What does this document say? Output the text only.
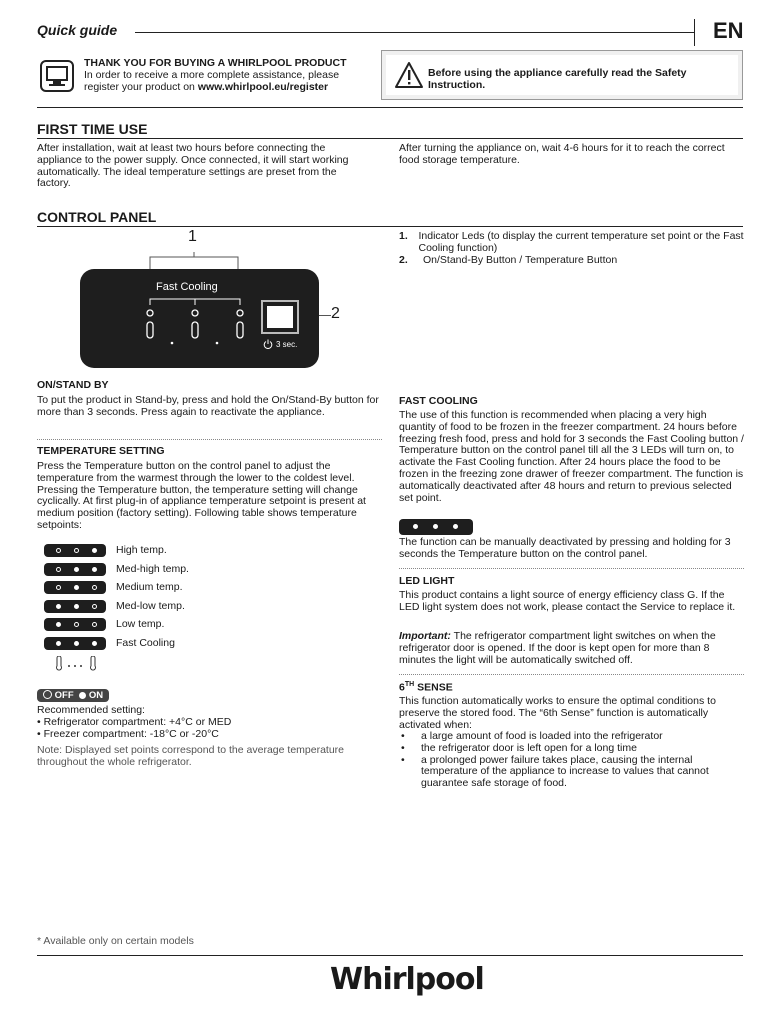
Quick guide	EN
THANK YOU FOR BUYING A WHIRLPOOL PRODUCT
In order to receive a more complete assistance, please
register your product on www.whirlpool.eu/register
Before using the appliance carefully read the Safety Instruction.
FIRST TIME USE
After installation, wait at least two hours before connecting the appliance to the power supply. Once connected, it will start working automatically. The ideal temperature settings are preset from the factory.
After turning the appliance on, wait 4-6 hours for it to reach the correct food storage temperature.
CONTROL PANEL
1
Fast Cooling
3 sec.
2
1.	Indicator Leds (to display the current temperature set point or the Fast Cooling function)
2.	On/Stand-By Button / Temperature Button
ON/STAND BY
To put the product in Stand-by, press and hold the On/Stand-By button for more than 3 seconds. Press again to reactivate the appliance.
TEMPERATURE SETTING
Press the Temperature button on the control panel to adjust the temperature from the warmest through the lower to the coldest level. Pressing the Temperature button, the temperature setting will change cyclically. At first plug-in of appliance temperature setpoint is present at medium position (factory setting). Following table shows temperature setpoints:
High temp.
Med-high temp.
Medium temp.
Med-low temp.
Low temp.
Fast Cooling
OFF ON
Recommended setting:
• Refrigerator compartment: +4°C or MED
• Freezer compartment: -18°C or -20°C
Note: Displayed set points correspond to the average temperature throughout the whole refrigerator.
FAST COOLING
The use of this function is recommended when placing a very high quantity of food to be frozen in the freezer compartment. 24 hours before freezing fresh food, press and hold for 3 seconds the Fast Cooling button / Temperature button on the control panel till all the 3 LEDs will turn on, to activate the Fast Cooling function. After 24 hours place the food to be frozen in the freezing zone drawer of freezer compartment. The function is automatically deactivated after 48 hours and return to previous selected set point.
The function can be manually deactivated by pressing and holding for 3 seconds the Temperature button on the control panel.
LED LIGHT
This product contains a light source of energy efficiency class G. If the LED light system does not work, please contact the Service to replace it.
Important: The refrigerator compartment light switches on when the refrigerator door is opened. If the door is kept open for more than 8 minutes the light will be automatically switched off.
6TH SENSE
This function automatically works to ensure the optimal conditions to preserve the stored food. The “6th Sense” function is automatically activated when:
• a large amount of food is loaded into the refrigerator
• the refrigerator door is left open for a long time
• a prolonged power failure takes place, causing the internal temperature of the appliance to increase to values that cannot guarantee safe storage of food.
* Available only on certain models
Whirlpool
